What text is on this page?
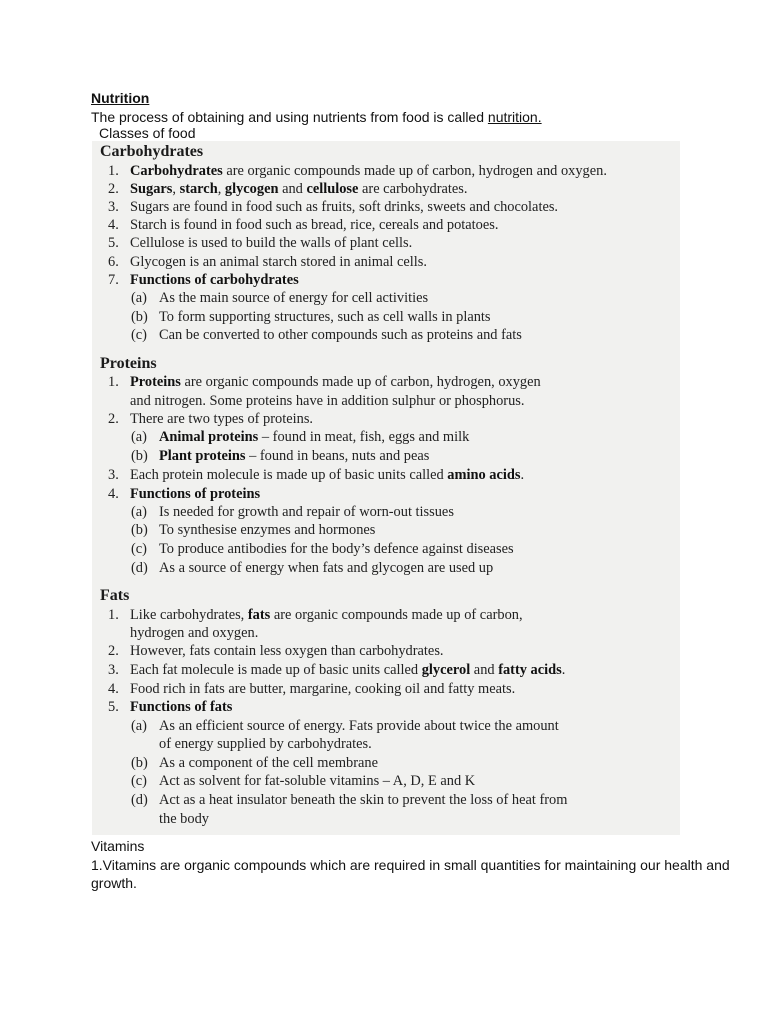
Nutrition
The process of obtaining and using nutrients from food is called nutrition.
Classes of food
Carbohydrates
1. Carbohydrates are organic compounds made up of carbon, hydrogen and oxygen.
2. Sugars, starch, glycogen and cellulose are carbohydrates.
3. Sugars are found in food such as fruits, soft drinks, sweets and chocolates.
4. Starch is found in food such as bread, rice, cereals and potatoes.
5. Cellulose is used to build the walls of plant cells.
6. Glycogen is an animal starch stored in animal cells.
7. Functions of carbohydrates
(a) As the main source of energy for cell activities
(b) To form supporting structures, such as cell walls in plants
(c) Can be converted to other compounds such as proteins and fats
Proteins
1. Proteins are organic compounds made up of carbon, hydrogen, oxygen
and nitrogen. Some proteins have in addition sulphur or phosphorus.
2. There are two types of proteins.
(a) Animal proteins – found in meat, fish, eggs and milk
(b) Plant proteins – found in beans, nuts and peas
3. Each protein molecule is made up of basic units called amino acids.
4. Functions of proteins
(a) Is needed for growth and repair of worn-out tissues
(b) To synthesise enzymes and hormones
(c) To produce antibodies for the body’s defence against diseases
(d) As a source of energy when fats and glycogen are used up
Fats
1. Like carbohydrates, fats are organic compounds made up of carbon,
hydrogen and oxygen.
2. However, fats contain less oxygen than carbohydrates.
3. Each fat molecule is made up of basic units called glycerol and fatty acids.
4. Food rich in fats are butter, margarine, cooking oil and fatty meats.
5. Functions of fats
(a) As an efficient source of energy. Fats provide about twice the amount
of energy supplied by carbohydrates.
(b) As a component of the cell membrane
(c) Act as solvent for fat-soluble vitamins – A, D, E and K
(d) Act as a heat insulator beneath the skin to prevent the loss of heat from
the body
Vitamins
1.Vitamins are organic compounds which are required in small quantities for maintaining our health and growth.
